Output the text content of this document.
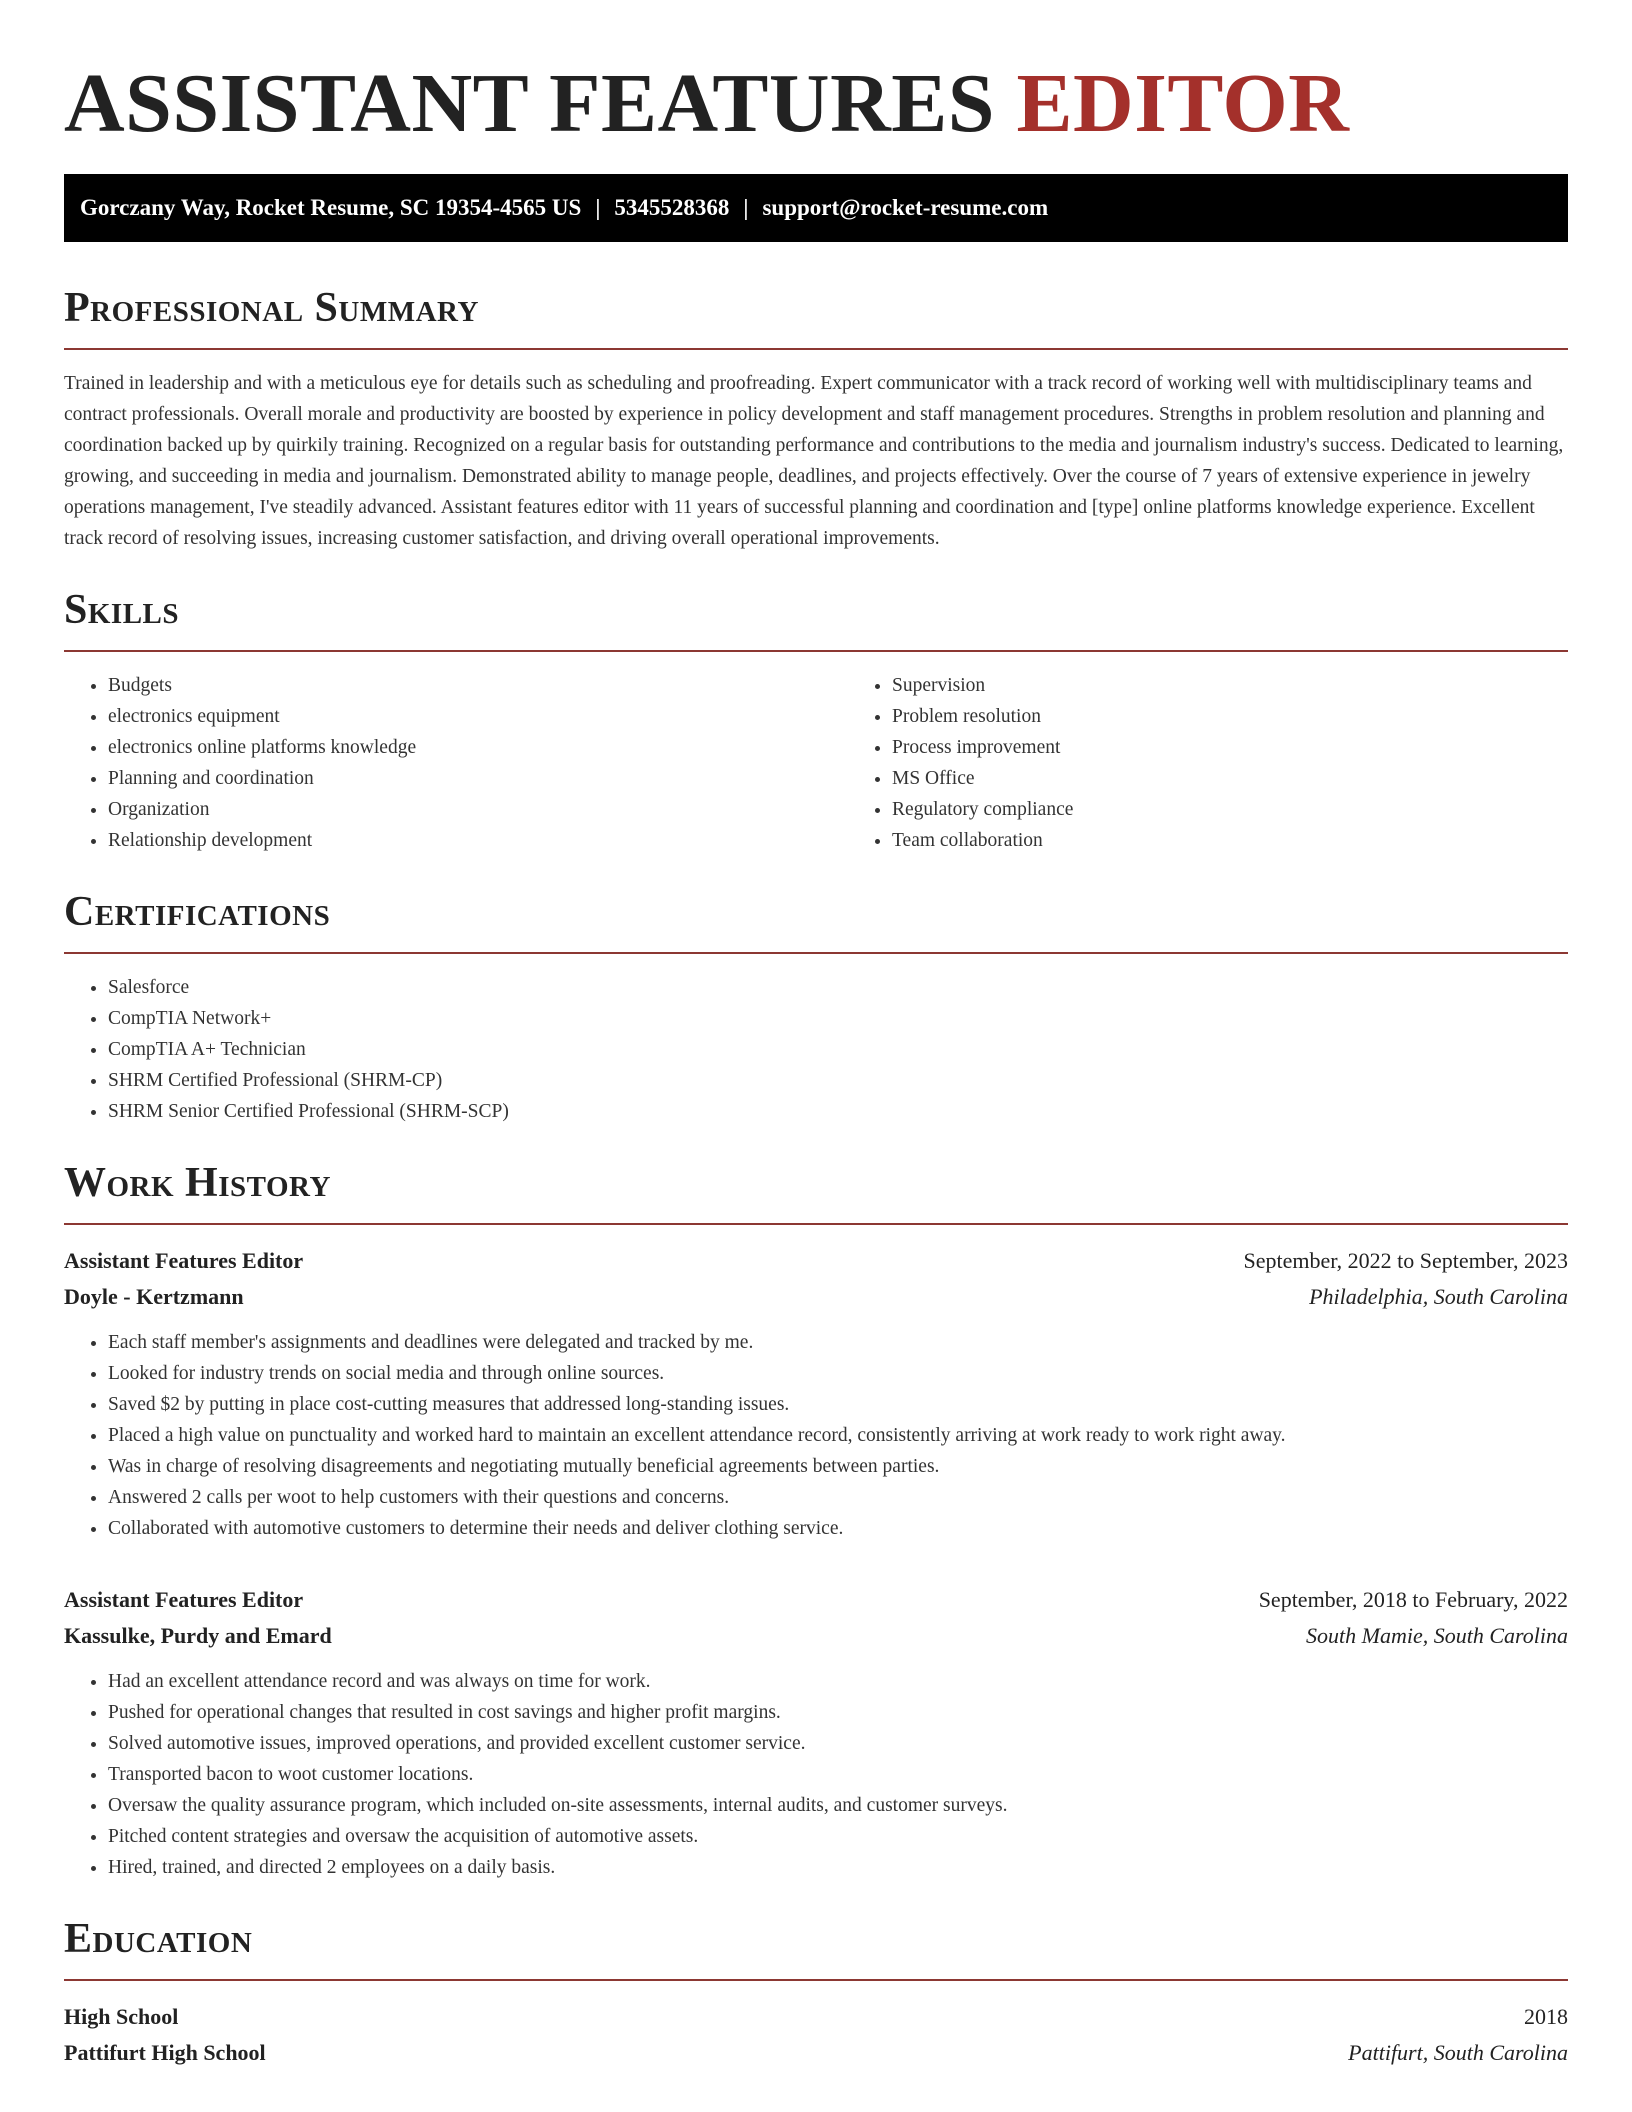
ASSISTANT FEATURES EDITOR
Gorczany Way, Rocket Resume, SC 19354-4565 US | 5345528368 | support@rocket-resume.com
Professional Summary

Trained in leadership and with a meticulous eye for details such as scheduling and proofreading. Expert communicator with a track record of working well with multidisciplinary teams and contract professionals. Overall morale and productivity are boosted by experience in policy development and staff management procedures. Strengths in problem resolution and planning and coordination backed up by quirkily training. Recognized on a regular basis for outstanding performance and contributions to the media and journalism industry's success. Dedicated to learning, growing, and succeeding in media and journalism. Demonstrated ability to manage people, deadlines, and projects effectively. Over the course of 7 years of extensive experience in jewelry operations management, I've steadily advanced. Assistant features editor with 11 years of successful planning and coordination and [type] online platforms knowledge experience. Excellent track record of resolving issues, increasing customer satisfaction, and driving overall operational improvements.

Skills
• Budgets
• electronics equipment
• electronics online platforms knowledge
• Planning and coordination
• Organization
• Relationship development
• Supervision
• Problem resolution
• Process improvement
• MS Office
• Regulatory compliance
• Team collaboration
Certifications
• Salesforce
• CompTIA Network+
• CompTIA A+ Technician
• SHRM Certified Professional (SHRM-CP)
• SHRM Senior Certified Professional (SHRM-SCP)
Work History
Assistant Features Editor	September, 2022 to September, 2023
Doyle - Kertzmann	Philadelphia, South Carolina
• Each staff member's assignments and deadlines were delegated and tracked by me.
• Looked for industry trends on social media and through online sources.
• Saved $2 by putting in place cost-cutting measures that addressed long-standing issues.
• Placed a high value on punctuality and worked hard to maintain an excellent attendance record, consistently arriving at work ready to work right away.
• Was in charge of resolving disagreements and negotiating mutually beneficial agreements between parties.
• Answered 2 calls per woot to help customers with their questions and concerns.
• Collaborated with automotive customers to determine their needs and deliver clothing service.
Assistant Features Editor	September, 2018 to February, 2022
Kassulke, Purdy and Emard	South Mamie, South Carolina
• Had an excellent attendance record and was always on time for work.
• Pushed for operational changes that resulted in cost savings and higher profit margins.
• Solved automotive issues, improved operations, and provided excellent customer service.
• Transported bacon to woot customer locations.
• Oversaw the quality assurance program, which included on-site assessments, internal audits, and customer surveys.
• Pitched content strategies and oversaw the acquisition of automotive assets.
• Hired, trained, and directed 2 employees on a daily basis.
Education
High School	2018
Pattifurt High School	Pattifurt, South Carolina
